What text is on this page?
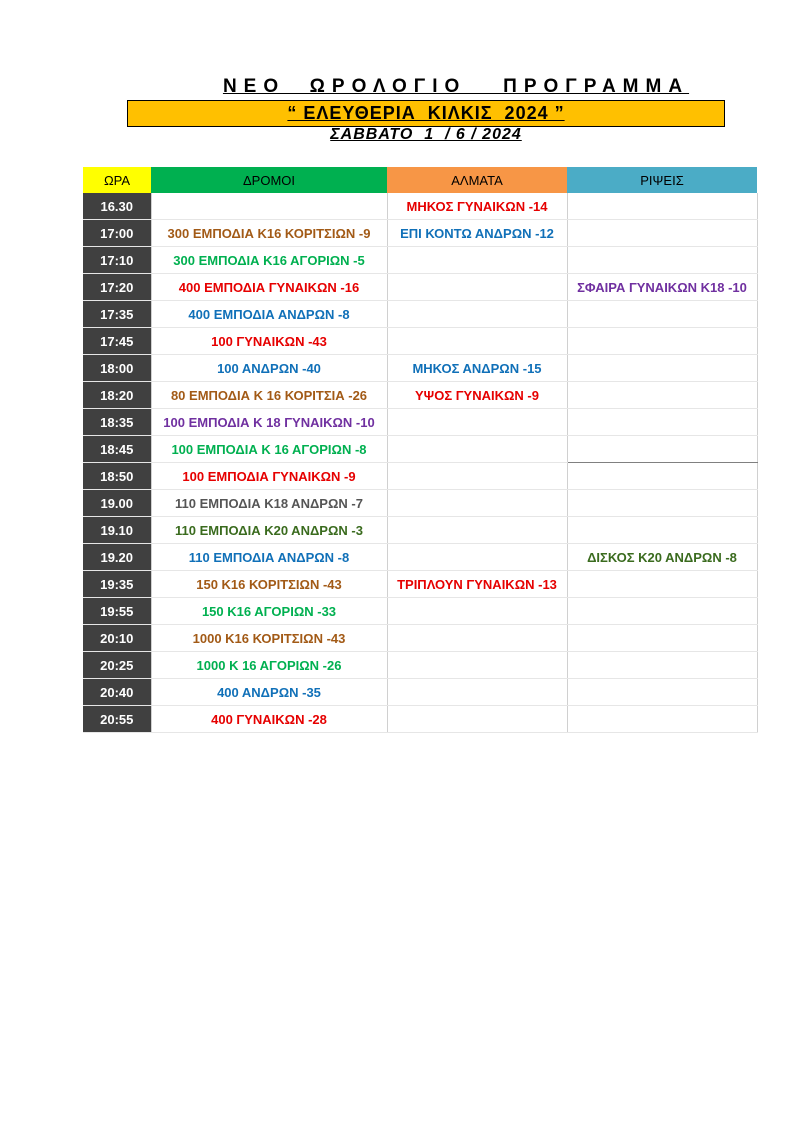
ΝΕΟ  ΩΡΟΛΟΓΙΟ   ΠΡΟΓΡΑΜΜΑ
“ ΕΛΕΥΘΕΡΙΑ  ΚΙΛΚΙΣ  2024 ”
ΣΑΒΒΑΤΟ  1  / 6 / 2024
ΩΡΑ	ΔΡΟΜΟΙ	ΑΛΜΑΤΑ	ΡΙΨΕΙΣ
16.30		ΜΗΚΟΣ ΓΥΝΑΙΚΩΝ -14	
17:00	300 ΕΜΠΟΔΙΑ Κ16 ΚΟΡΙΤΣΙΩΝ -9	ΕΠΙ ΚΟΝΤΩ ΑΝΔΡΩΝ -12	
17:10	300 ΕΜΠΟΔΙΑ Κ16 ΑΓΟΡΙΩΝ -5		
17:20	400 ΕΜΠΟΔΙΑ ΓΥΝΑΙΚΩΝ -16		ΣΦΑΙΡΑ ΓΥΝΑΙΚΩΝ Κ18 -10
17:35	400 ΕΜΠΟΔΙΑ ΑΝΔΡΩΝ -8		
17:45	100 ΓΥΝΑΙΚΩΝ -43		
18:00	100 ΑΝΔΡΩΝ -40	ΜΗΚΟΣ ΑΝΔΡΩΝ -15	
18:20	80 ΕΜΠΟΔΙΑ Κ 16 ΚΟΡΙΤΣΙΑ -26	ΥΨΟΣ ΓΥΝΑΙΚΩΝ -9	
18:35	100 ΕΜΠΟΔΙΑ Κ 18 ΓΥΝΑΙΚΩΝ -10		
18:45	100 ΕΜΠΟΔΙΑ Κ 16 ΑΓΟΡΙΩΝ -8		
18:50	100 ΕΜΠΟΔΙΑ ΓΥΝΑΙΚΩΝ -9		
19.00	110 ΕΜΠΟΔΙΑ Κ18 ΑΝΔΡΩΝ -7		
19.10	110 ΕΜΠΟΔΙΑ Κ20 ΑΝΔΡΩΝ -3		
19.20	110 ΕΜΠΟΔΙΑ ΑΝΔΡΩΝ -8		ΔΙΣΚΟΣ Κ20 ΑΝΔΡΩΝ -8
19:35	150 Κ16 ΚΟΡΙΤΣΙΩΝ -43	ΤΡΙΠΛΟΥΝ ΓΥΝΑΙΚΩΝ -13	
19:55	150 Κ16 ΑΓΟΡΙΩΝ -33		
20:10	1000 Κ16 ΚΟΡΙΤΣΙΩΝ -43		
20:25	1000 Κ 16 ΑΓΟΡΙΩΝ -26		
20:40	400 ΑΝΔΡΩΝ -35		
20:55	400 ΓΥΝΑΙΚΩΝ -28		
